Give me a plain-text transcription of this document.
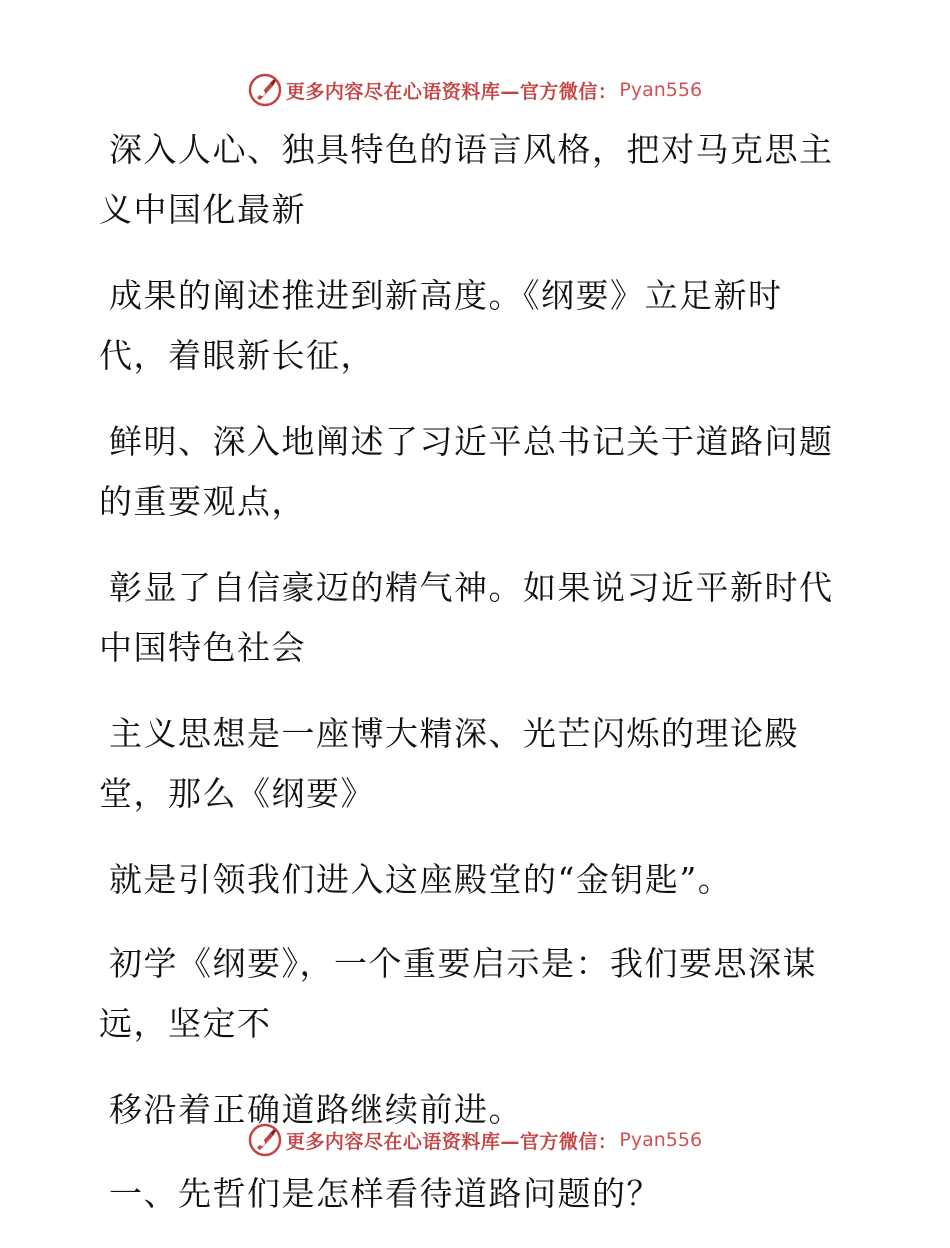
更多内容尽在心语资料库—官方微信： Pyan556

深入人心、独具特色的语言风格，把对马克思主
义中国化最新

成果的阐述推进到新高度。《纲要》立足新时
代，着眼新长征，

鲜明、深入地阐述了习近平总书记关于道路问题
的重要观点，

彰显了自信豪迈的精气神。如果说习近平新时代
中国特色社会

主义思想是一座博大精深、光芒闪烁的理论殿
堂，那么《纲要》

就是引领我们进入这座殿堂的“金钥匙”。

初学《纲要》，一个重要启示是：我们要思深谋
远，坚定不

移沿着正确道路继续前进。

一、先哲们是怎样看待道路问题的？

更多内容尽在心语资料库—官方微信： Pyan556
